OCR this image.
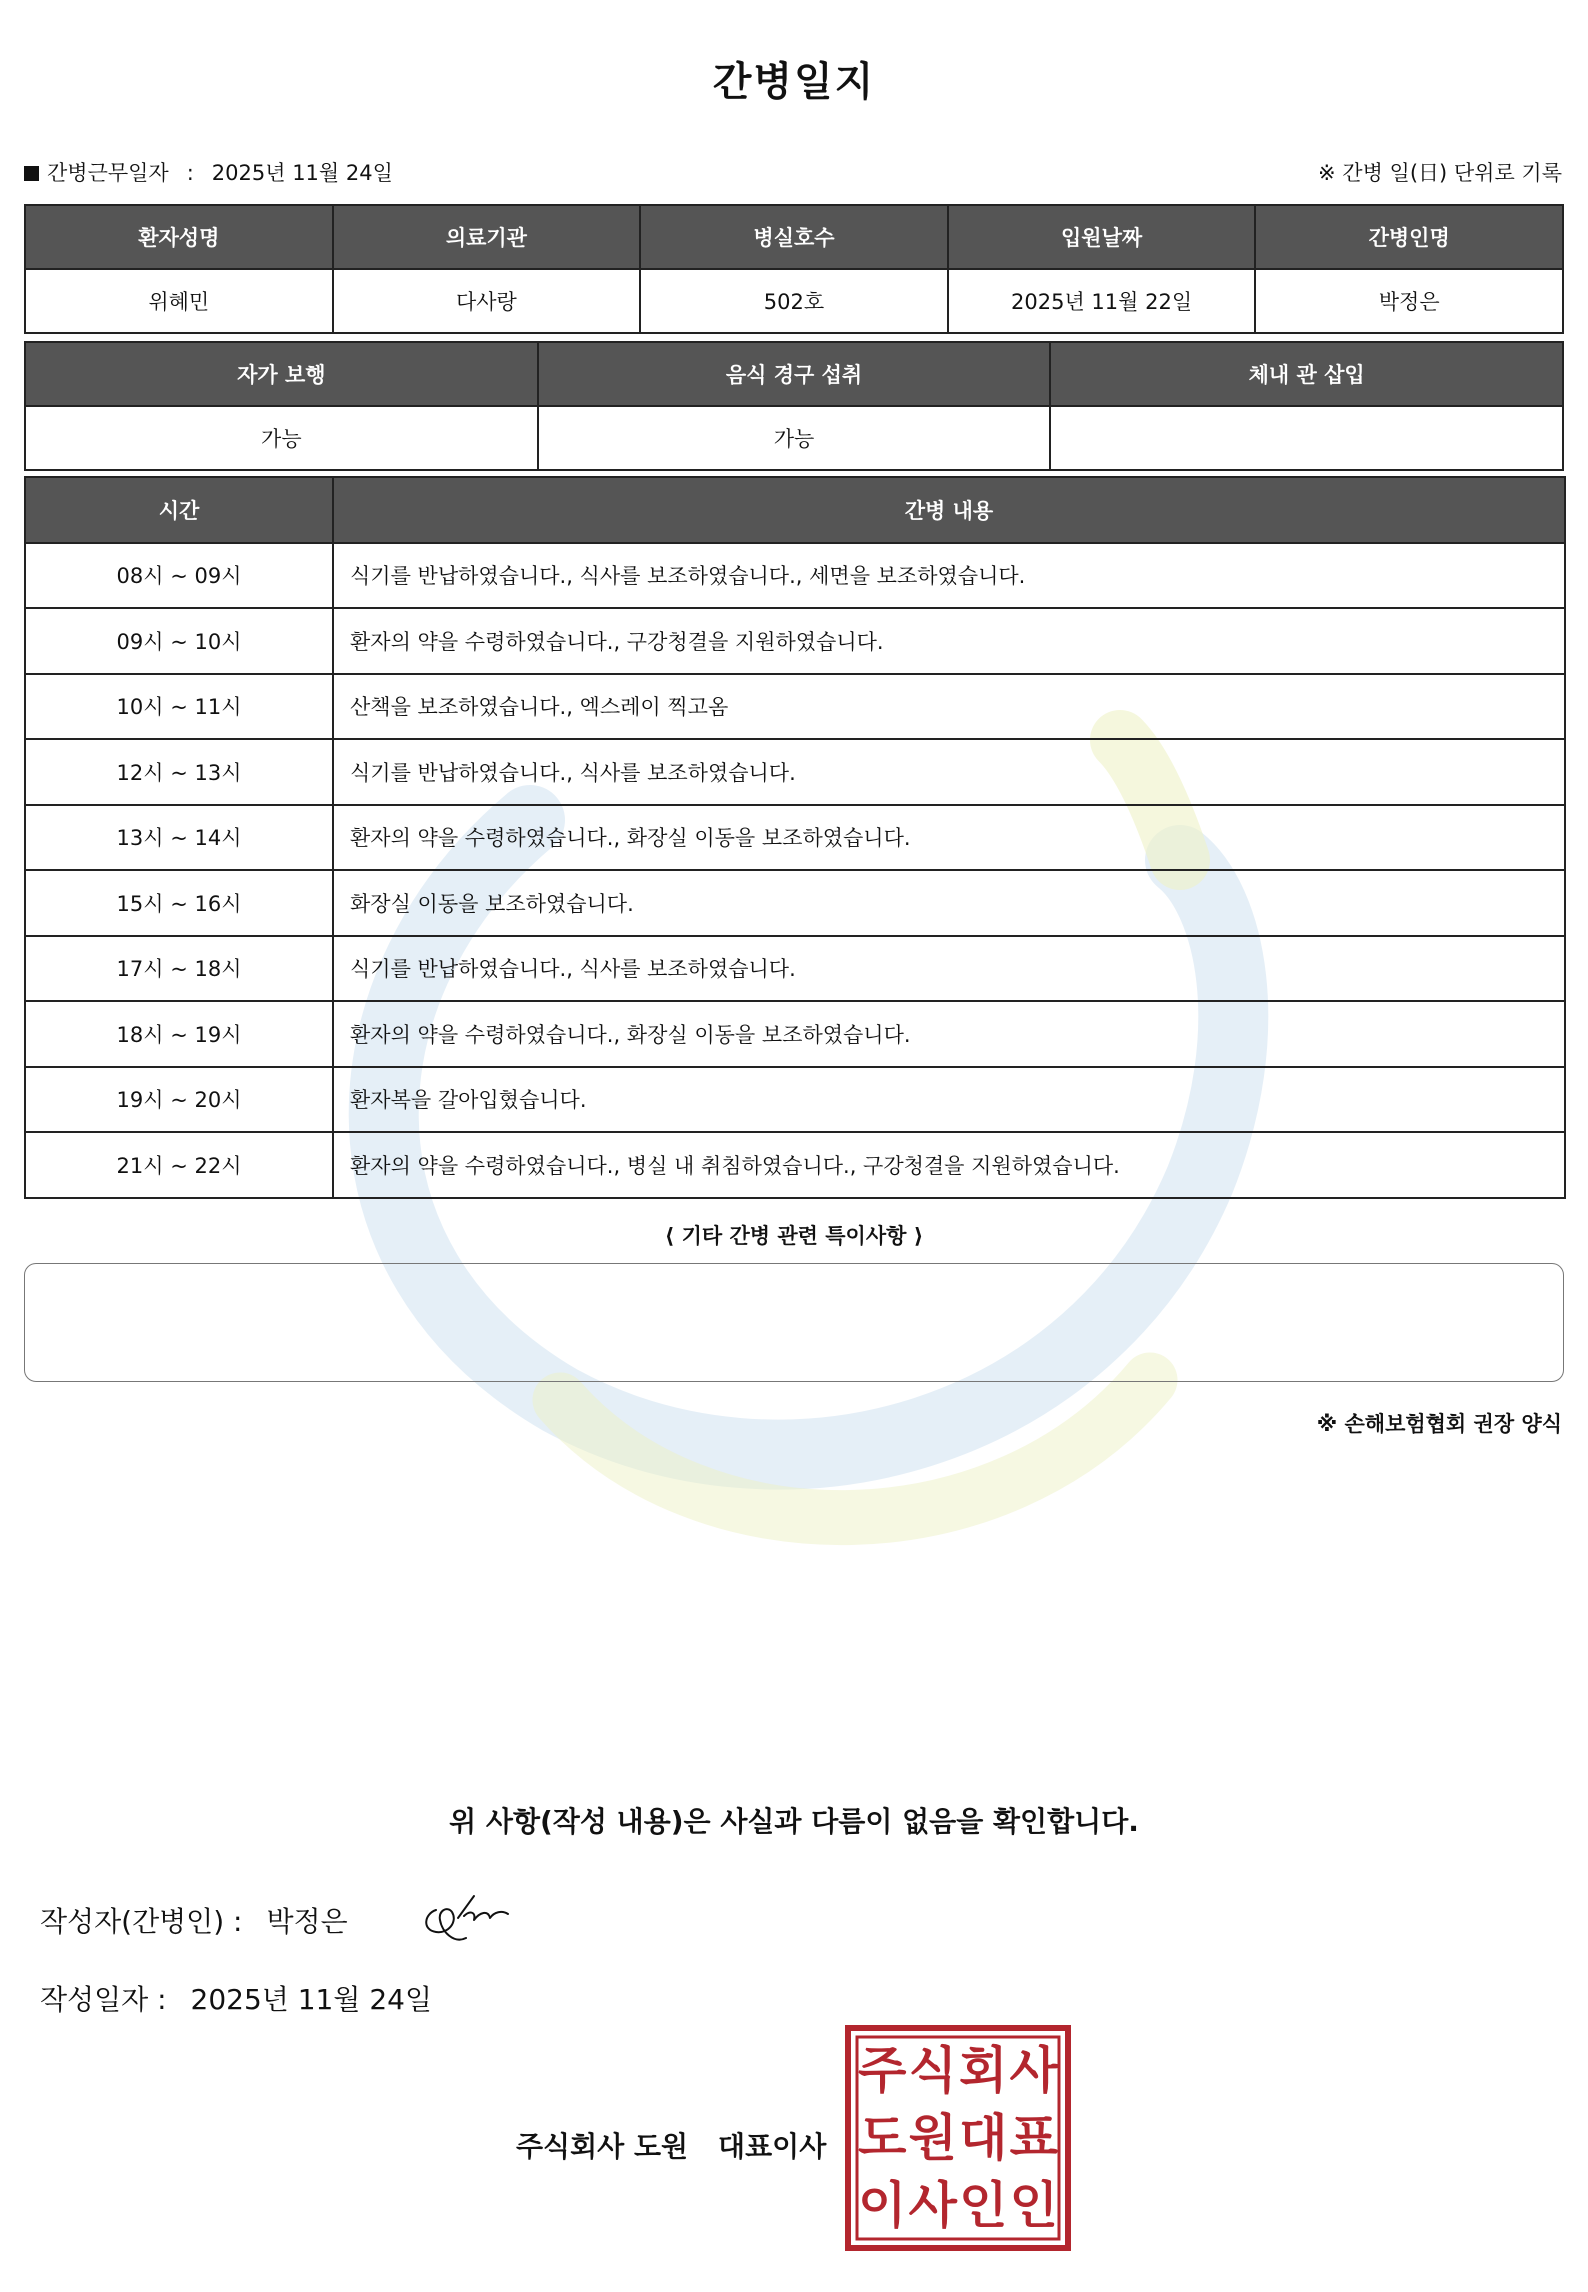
간병일지
간병근무일자 : 2025년 11월 24일	※ 간병 일(日) 단위로 기록
환자성명	의료기관	병실호수	입원날짜	간병인명
위혜민	다사랑	502호	2025년 11월 22일	박정은
자가 보행	음식 경구 섭취	체내 관 삽입
가능	가능	
시간	간병 내용
08시 ~ 09시	식기를 반납하였습니다., 식사를 보조하였습니다., 세면을 보조하였습니다.
09시 ~ 10시	환자의 약을 수령하였습니다., 구강청결을 지원하였습니다.
10시 ~ 11시	산책을 보조하였습니다., 엑스레이 찍고옴
12시 ~ 13시	식기를 반납하였습니다., 식사를 보조하였습니다.
13시 ~ 14시	환자의 약을 수령하였습니다., 화장실 이동을 보조하였습니다.
15시 ~ 16시	화장실 이동을 보조하였습니다.
17시 ~ 18시	식기를 반납하였습니다., 식사를 보조하였습니다.
18시 ~ 19시	환자의 약을 수령하였습니다., 화장실 이동을 보조하였습니다.
19시 ~ 20시	환자복을 갈아입혔습니다.
21시 ~ 22시	환자의 약을 수령하였습니다., 병실 내 취침하였습니다., 구강청결을 지원하였습니다.
⟨ 기타 간병 관련 특이사항 ⟩
※ 손해보험협회 권장 양식
위 사항(작성 내용)은 사실과 다름이 없음을 확인합니다.
작성자(간병인) : 박정은
작성일자 : 2025년 11월 24일
주식회사 도원 대표이사
주 식 회 사
도 원 대 표
이 사 인 인
